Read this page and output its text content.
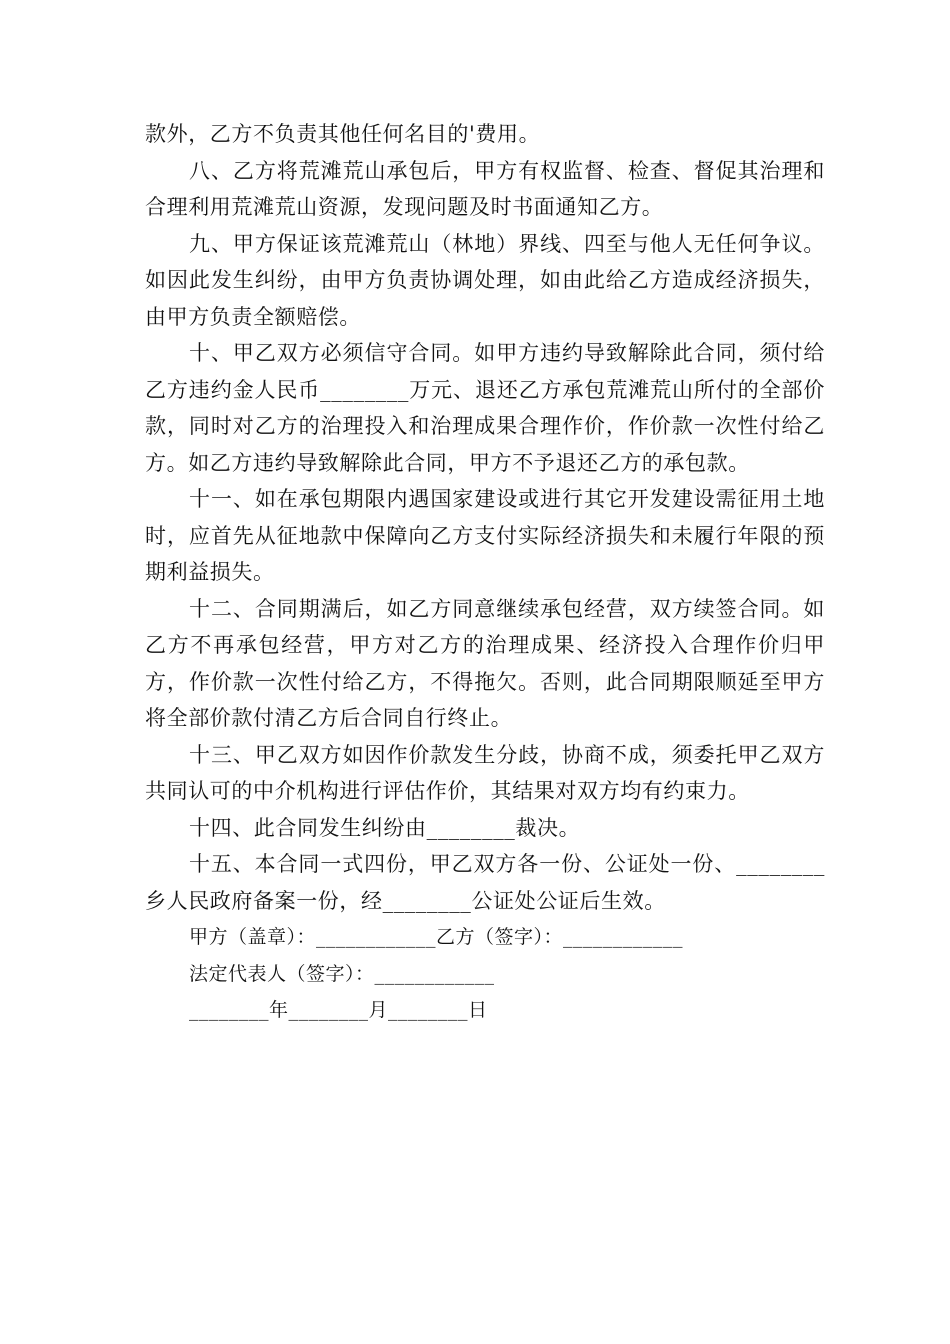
款外，乙方不负责其他任何名目的'费用。

八、乙方将荒滩荒山承包后，甲方有权监督、检查、督促其治理和合理利用荒滩荒山资源，发现问题及时书面通知乙方。

九、甲方保证该荒滩荒山（林地）界线、四至与他人无任何争议。如因此发生纠纷，由甲方负责协调处理，如由此给乙方造成经济损失，由甲方负责全额赔偿。

十、甲乙双方必须信守合同。如甲方违约导致解除此合同，须付给乙方违约金人民币________万元、退还乙方承包荒滩荒山所付的全部价款，同时对乙方的治理投入和治理成果合理作价，作价款一次性付给乙方。如乙方违约导致解除此合同，甲方不予退还乙方的承包款。

十一、如在承包期限内遇国家建设或进行其它开发建设需征用土地时，应首先从征地款中保障向乙方支付实际经济损失和未履行年限的预期利益损失。

十二、合同期满后，如乙方同意继续承包经营，双方续签合同。如乙方不再承包经营，甲方对乙方的治理成果、经济投入合理作价归甲方，作价款一次性付给乙方，不得拖欠。否则，此合同期限顺延至甲方将全部价款付清乙方后合同自行终止。

十三、甲乙双方如因作价款发生分歧，协商不成，须委托甲乙双方共同认可的中介机构进行评估作价，其结果对双方均有约束力。

十四、此合同发生纠纷由________裁决。

十五、本合同一式四份，甲乙双方各一份、公证处一份、________乡人民政府备案一份，经________公证处公证后生效。

甲方（盖章）：____________乙方（签字）：____________

法定代表人（签字）：____________

________年________月________日
